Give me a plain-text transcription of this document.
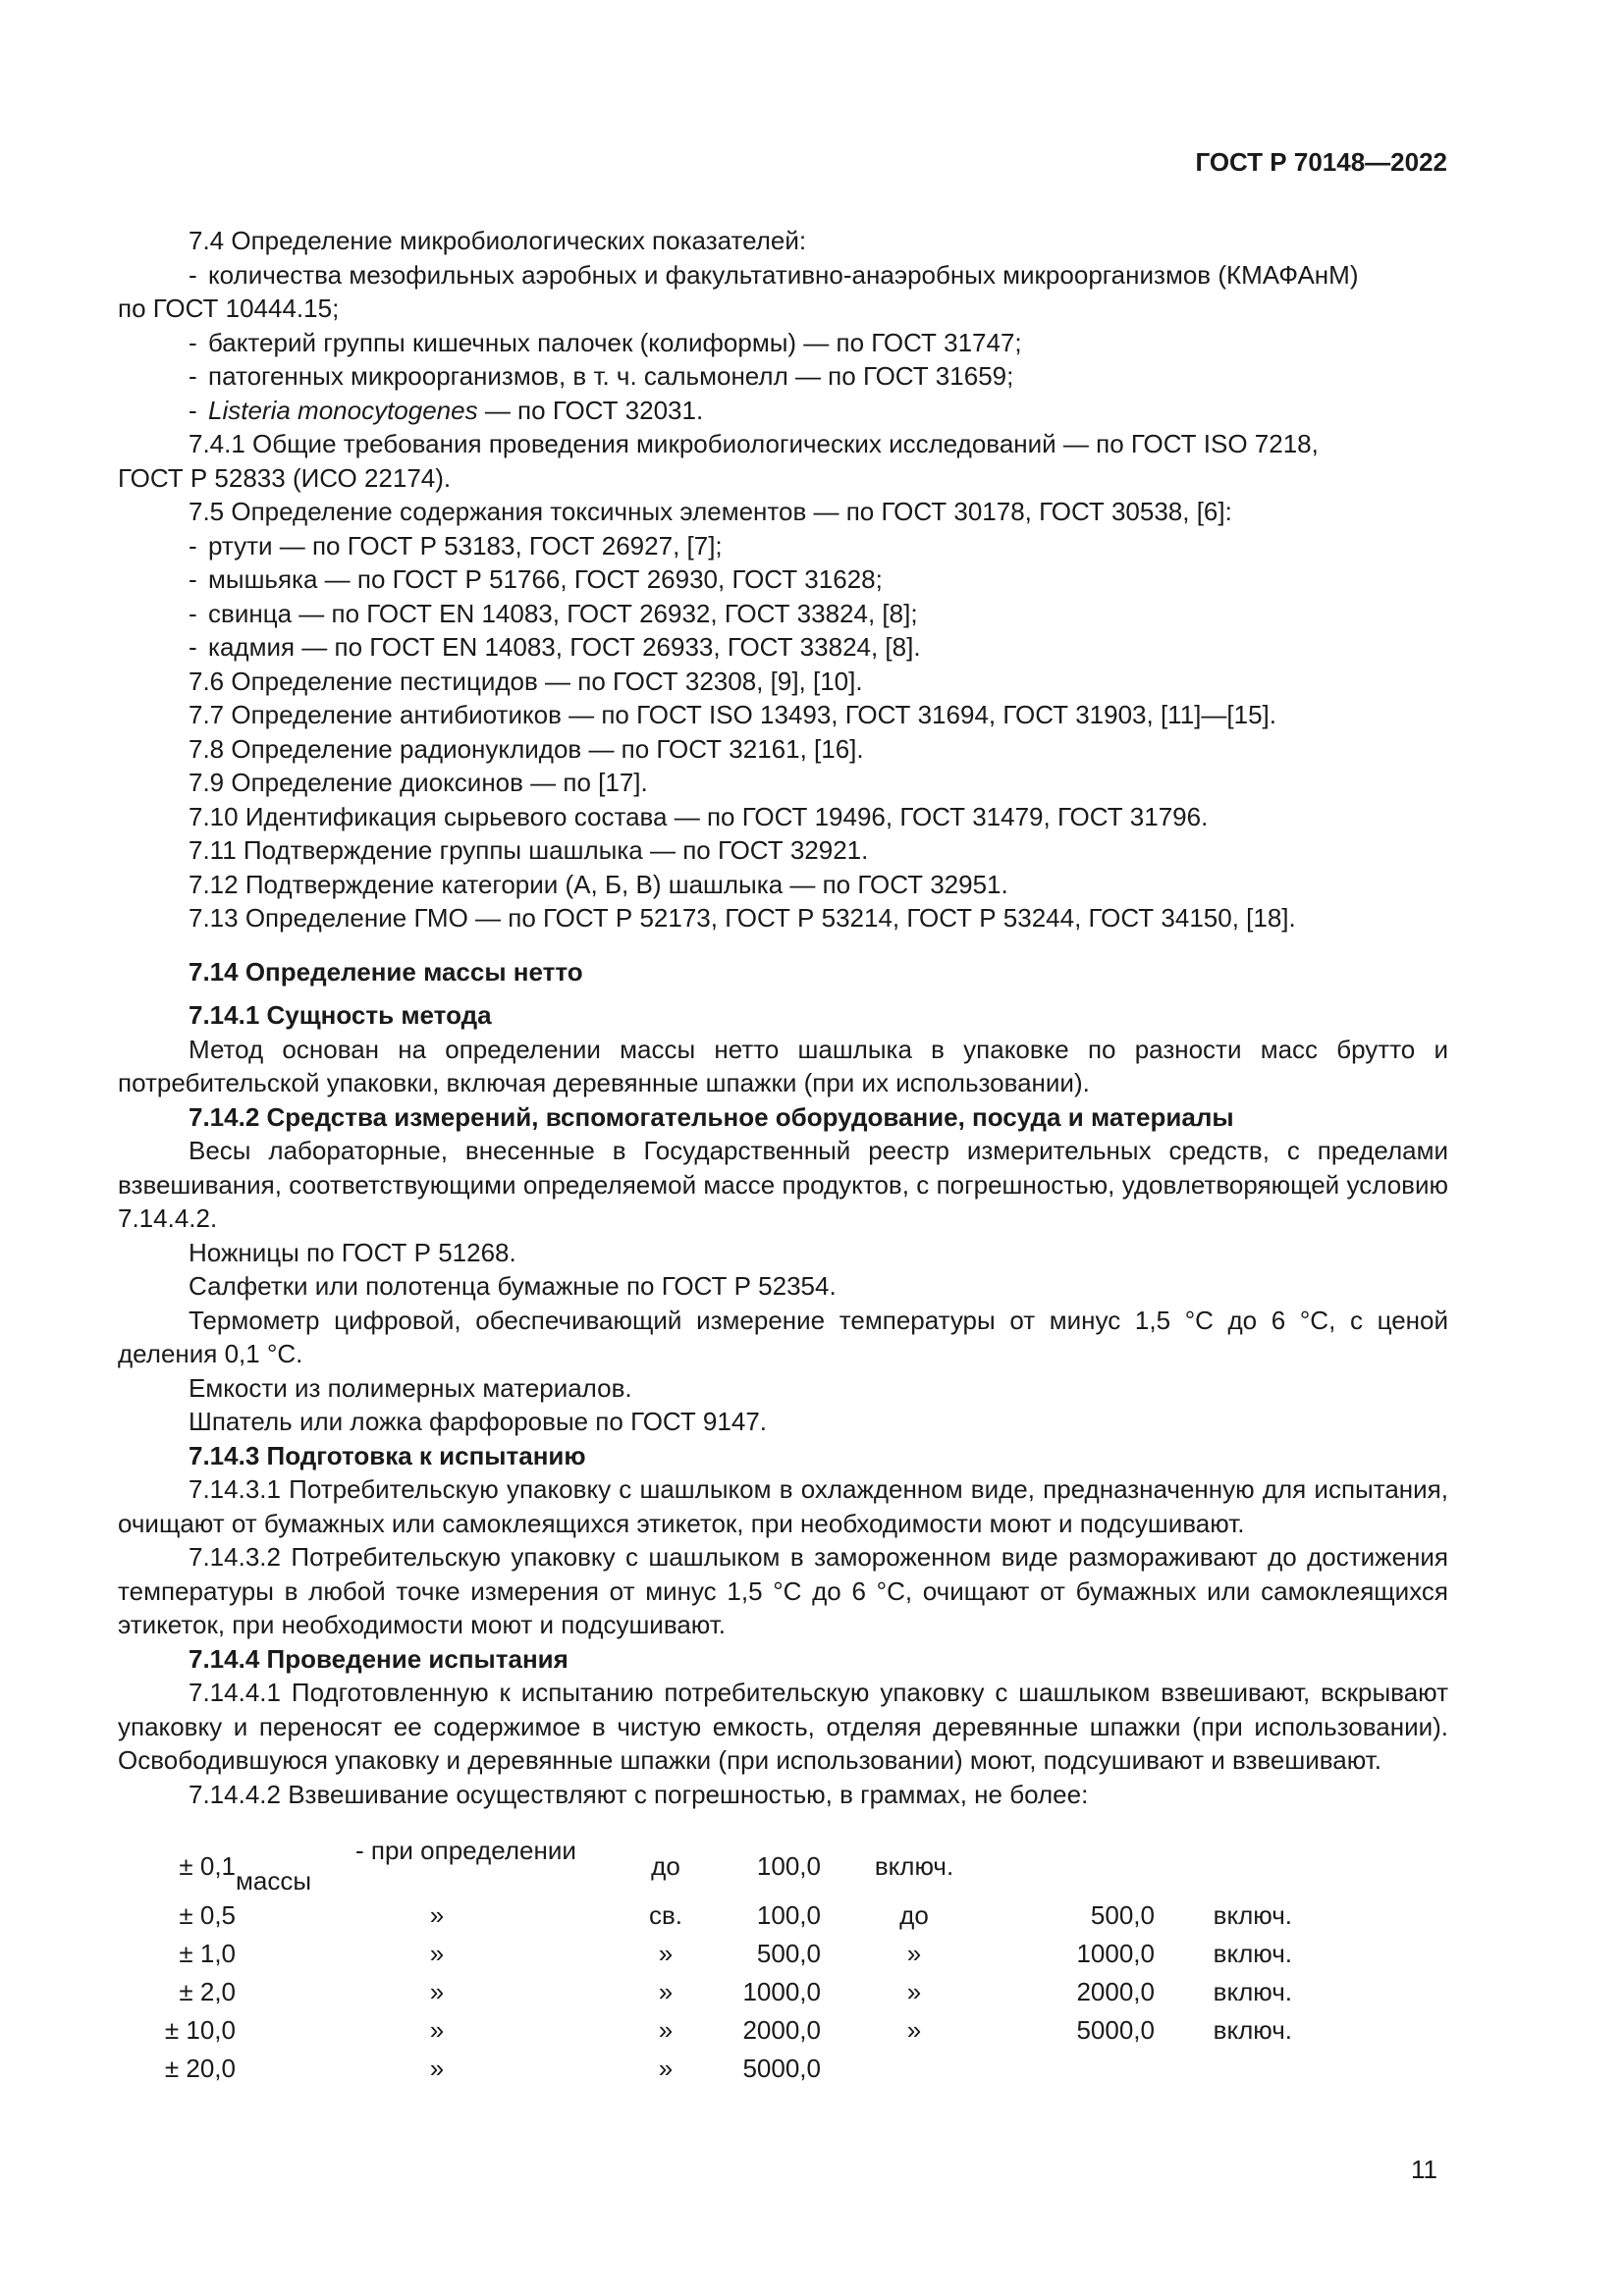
ГОСТ Р 70148—2022

7.4 Определение микробиологических показателей:

- количества мезофильных аэробных и факультативно-анаэробных микроорганизмов (КМАФАнМ)

по ГОСТ 10444.15;

- бактерий группы кишечных палочек (колиформы) — по ГОСТ 31747;

- патогенных микроорганизмов, в т. ч. сальмонелл — по ГОСТ 31659;

- Listeria monocytogenes — по ГОСТ 32031.

7.4.1 Общие требования проведения микробиологических исследований — по ГОСТ ISO 7218,

ГОСТ Р 52833 (ИСО 22174).

7.5 Определение содержания токсичных элементов — по ГОСТ 30178, ГОСТ 30538, [6]:

- ртути — по ГОСТ Р 53183, ГОСТ 26927, [7];

- мышьяка — по ГОСТ Р 51766, ГОСТ 26930, ГОСТ 31628;

- свинца — по ГОСТ EN 14083, ГОСТ 26932, ГОСТ 33824, [8];

- кадмия — по ГОСТ EN 14083, ГОСТ 26933, ГОСТ 33824, [8].

7.6 Определение пестицидов — по ГОСТ 32308, [9], [10].

7.7 Определение антибиотиков — по ГОСТ ISO 13493, ГОСТ 31694, ГОСТ 31903, [11]—[15].

7.8 Определение радионуклидов — по ГОСТ 32161, [16].

7.9 Определение диоксинов — по [17].

7.10 Идентификация сырьевого состава — по ГОСТ 19496, ГОСТ 31479, ГОСТ 31796.

7.11 Подтверждение группы шашлыка — по ГОСТ 32921.

7.12 Подтверждение категории (А, Б, В) шашлыка — по ГОСТ 32951.

7.13 Определение ГМО — по ГОСТ Р 52173, ГОСТ Р 53214, ГОСТ Р 53244, ГОСТ 34150, [18].

7.14 Определение массы нетто

7.14.1 Сущность метода

Метод основан на определении массы нетто шашлыка в упаковке по разности масс брутто и потребительской упаковки, включая деревянные шпажки (при их использовании).

7.14.2 Средства измерений, вспомогательное оборудование, посуда и материалы

Весы лабораторные, внесенные в Государственный реестр измерительных средств, с пределами взвешивания, соответствующими определяемой массе продуктов, с погрешностью, удовлетворяющей условию 7.14.4.2.

Ножницы по ГОСТ Р 51268.

Салфетки или полотенца бумажные по ГОСТ Р 52354.

Термометр цифровой, обеспечивающий измерение температуры от минус 1,5 °С до 6 °С, с ценой деления 0,1 °С.

Емкости из полимерных материалов.

Шпатель или ложка фарфоровые по ГОСТ 9147.

7.14.3 Подготовка к испытанию

7.14.3.1 Потребительскую упаковку с шашлыком в охлажденном виде, предназначенную для испытания, очищают от бумажных или самоклеящихся этикеток, при необходимости моют и подсушивают.

7.14.3.2 Потребительскую упаковку с шашлыком в замороженном виде размораживают до достижения температуры в любой точке измерения от минус 1,5 °С до 6 °С, очищают от бумажных или самоклеящихся этикеток, при необходимости моют и подсушивают.

7.14.4 Проведение испытания

7.14.4.1 Подготовленную к испытанию потребительскую упаковку с шашлыком взвешивают, вскрывают упаковку и переносят ее содержимое в чистую емкость, отделяя деревянные шпажки (при использовании). Освободившуюся упаковку и деревянные шпажки (при использовании) моют, подсушивают и взвешивают.

7.14.4.2 Взвешивание осуществляют с погрешностью, в граммах, не более:

± 0,1	- при определении массы	до	100,0	включ.		
± 0,5	»	св.	100,0	до	500,0	включ.
± 1,0	»	»	500,0	»	1000,0	включ.
± 2,0	»	»	1000,0	»	2000,0	включ.
± 10,0	»	»	2000,0	»	5000,0	включ.
± 20,0	»	»	5000,0			
11
